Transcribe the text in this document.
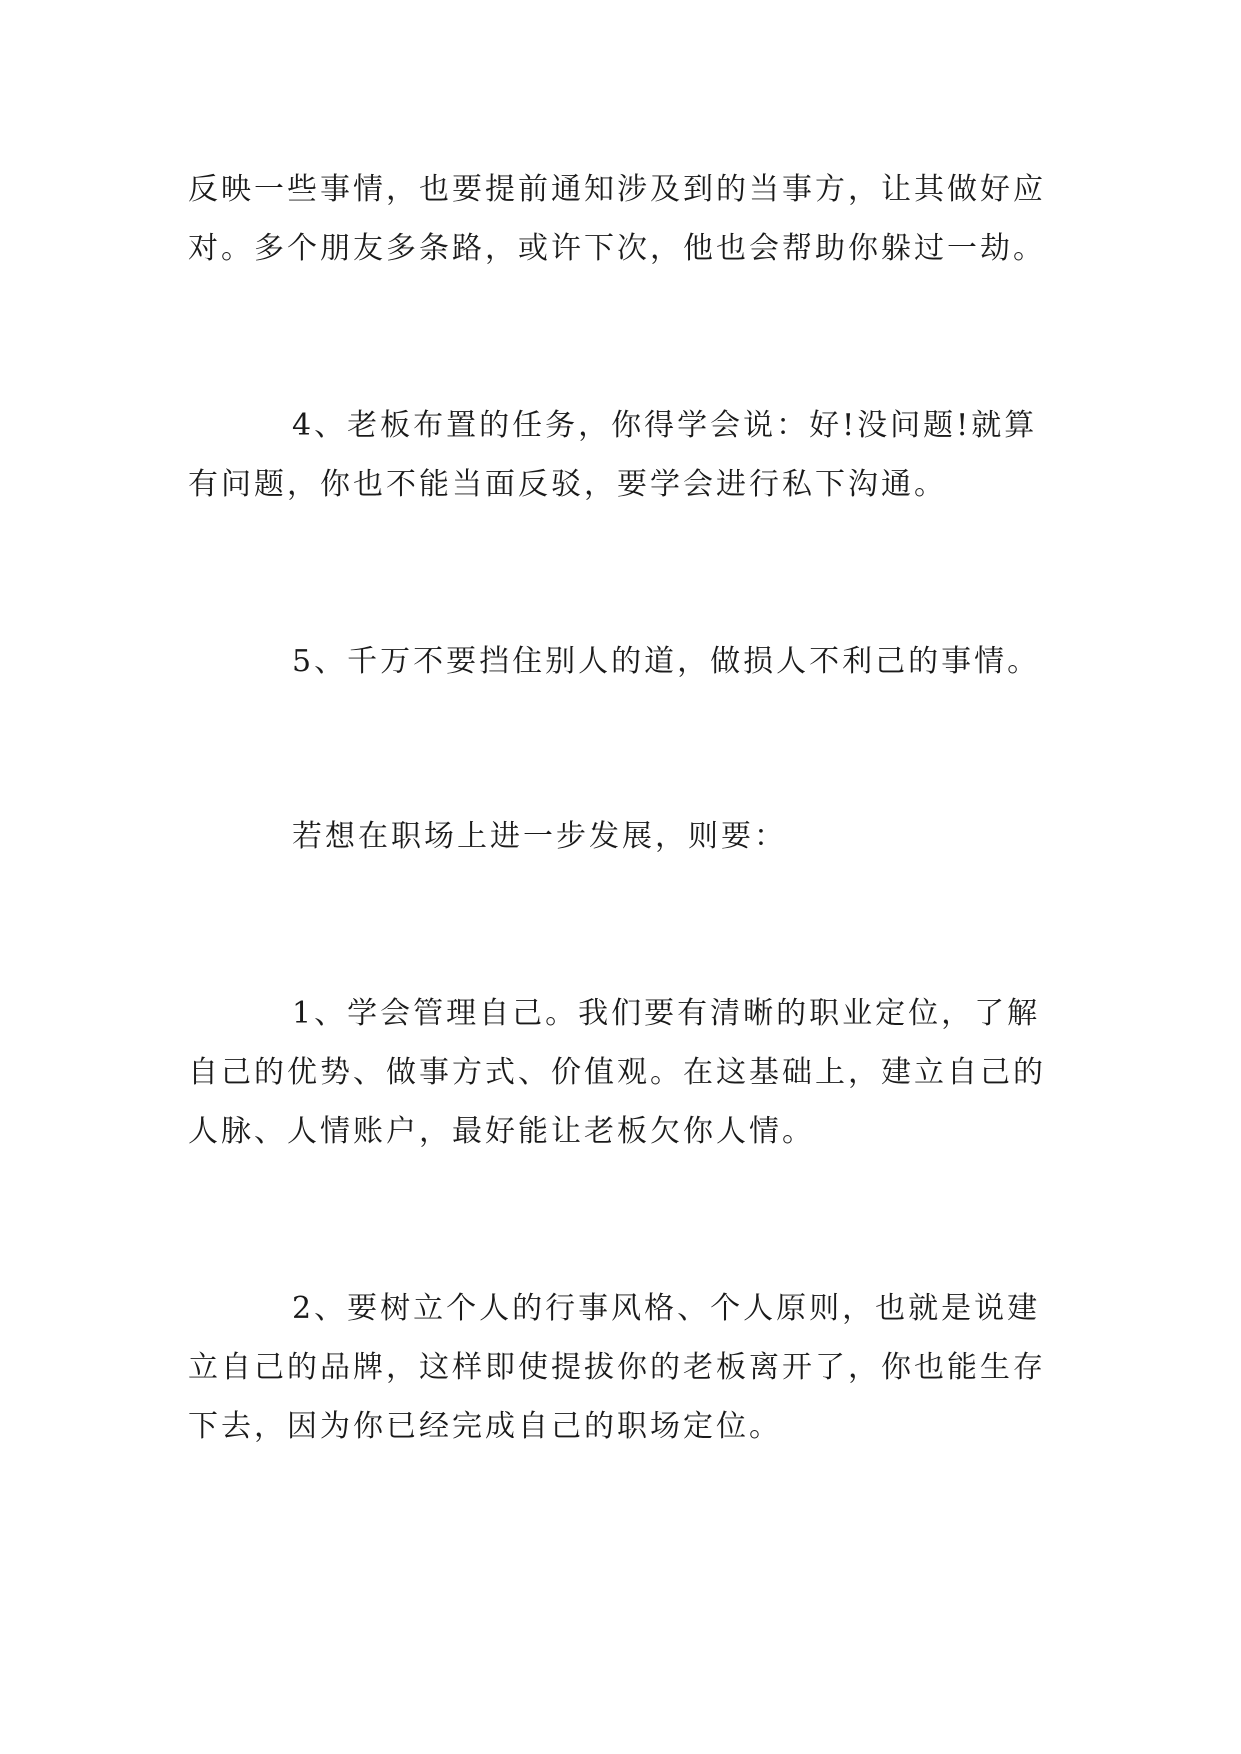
反映一些事情，也要提前通知涉及到的当事方，让其做好应对。多个朋友多条路，或许下次，他也会帮助你躲过一劫。

4、老板布置的任务，你得学会说：好!没问题!就算有问题，你也不能当面反驳，要学会进行私下沟通。

5、千万不要挡住别人的道，做损人不利己的事情。

若想在职场上进一步发展，则要：

1、学会管理自己。我们要有清晰的职业定位，了解自己的优势、做事方式、价值观。在这基础上，建立自己的人脉、人情账户，最好能让老板欠你人情。

2、要树立个人的行事风格、个人原则，也就是说建立自己的品牌，这样即使提拔你的老板离开了，你也能生存下去，因为你已经完成自己的职场定位。
